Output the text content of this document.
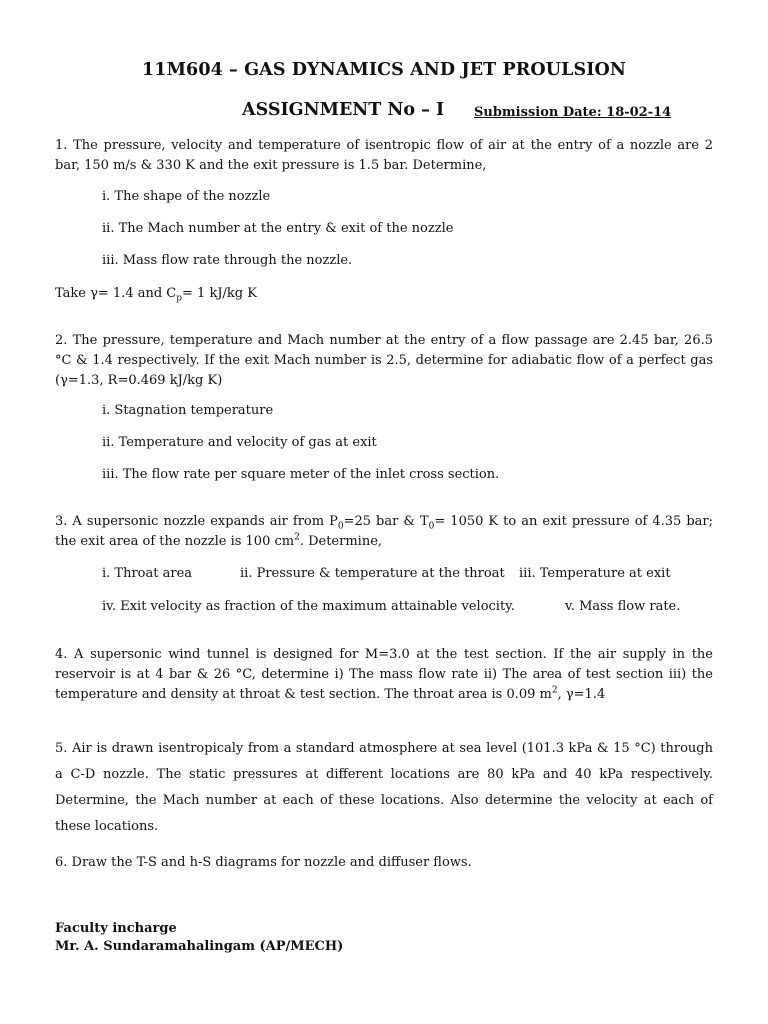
11M604 – GAS DYNAMICS AND JET PROULSION
ASSIGNMENT No – I Submission Date: 18-02-14
1. The pressure, velocity and temperature of isentropic flow of air at the entry of a nozzle are 2 bar, 150 m/s & 330 K and the exit pressure is 1.5 bar. Determine,
i. The shape of the nozzle
ii. The Mach number at the entry & exit of the nozzle
iii. Mass flow rate through the nozzle.
Take γ= 1.4 and $C_p= 1$ kJ/kg K
2. The pressure, temperature and Mach number at the entry of a flow passage are 2.45 bar, 26.5 °C & 1.4 respectively. If the exit Mach number is 2.5, determine for adiabatic flow of a perfect gas (γ=1.3, R=0.469 kJ/kg K)
i. Stagnation temperature
ii. Temperature and velocity of gas at exit
iii. The flow rate per square meter of the inlet cross section.
3. A supersonic nozzle expands air from $P_0=25$ bar & $T_0= 1050$ K to an exit pressure of 4.35 bar; the exit area of the nozzle is 100 $cm^2$. Determine,
i. Throat area	ii. Pressure & temperature at the throat iii. Temperature at exit
iv. Exit velocity as fraction of the maximum attainable velocity.	v. Mass flow rate.
4. A supersonic wind tunnel is designed for M=3.0 at the test section. If the air supply in the reservoir is at 4 bar & 26 °C, determine i) The mass flow rate ii) The area of test section iii) the temperature and density at throat & test section. The throat area is 0.09 $m^2$, γ=1.4
5. Air is drawn isentropicaly from a standard atmosphere at sea level (101.3 kPa & 15 °C) through a C-D nozzle. The static pressures at different locations are 80 kPa and 40 kPa respectively. Determine, the Mach number at each of these locations. Also determine the velocity at each of these locations.
6. Draw the T-S and h-S diagrams for nozzle and diffuser flows.
Faculty incharge
Mr. A. Sundaramahalingam (AP/MECH)
